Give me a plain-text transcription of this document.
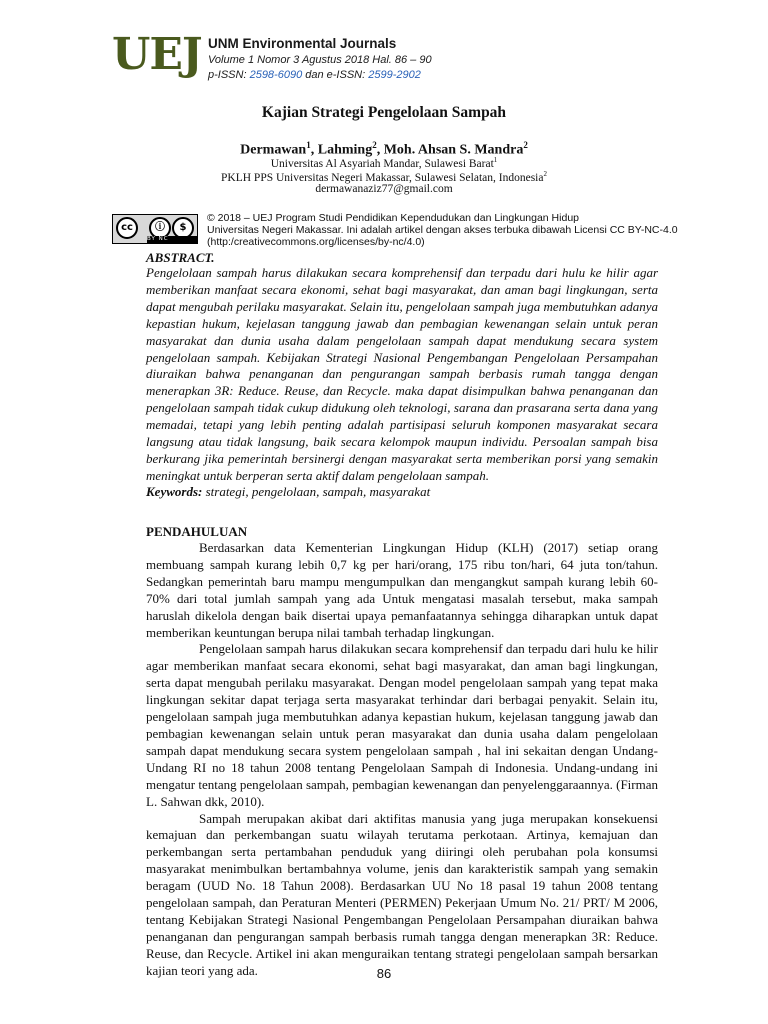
UEJ UNM Environmental Journals
Volume 1 Nomor 3 Agustus 2018 Hal. 86 – 90
p-ISSN: 2598-6090 dan e-ISSN: 2599-2902
Kajian Strategi Pengelolaan Sampah
Dermawan$^1$, Lahming$^2$, Moh. Ahsan S. Mandra$^2$
Universitas Al Asyariah Mandar, Sulawesi Barat$^1$
PKLH PPS Universitas Negeri Makassar, Sulawesi Selatan, Indonesia$^2$
dermawanaziz77@gmail.com
cc	ⓘ	$
BY NC
© 2018 – UEJ Program Studi Pendidikan Kependudukan dan Lingkungan Hidup
Universitas Negeri Makassar. Ini adalah artikel dengan akses terbuka dibawah Licensi CC BY-NC-4.0
(http:/creativecommons.org/licenses/by-nc/4.0)
ABSTRACT.
Pengelolaan sampah harus dilakukan secara komprehensif dan terpadu dari hulu ke hilir agar memberikan manfaat secara ekonomi, sehat bagi masyarakat, dan aman bagi lingkungan, serta dapat mengubah perilaku masyarakat. Selain itu, pengelolaan sampah juga membutuhkan adanya kepastian hukum, kejelasan tanggung jawab dan pembagian kewenangan selain untuk peran masyarakat dan dunia usaha dalam pengelolaan sampah dapat mendukung secara system pengelolaan sampah. Kebijakan Strategi Nasional Pengembangan Pengelolaan Persampahan diuraikan bahwa penanganan dan pengurangan sampah berbasis rumah tangga dengan menerapkan 3R: Reduce. Reuse, dan Recycle. maka dapat disimpulkan bahwa penanganan dan pengelolaan sampah tidak cukup didukung oleh teknologi, sarana dan prasarana serta dana yang memadai, tetapi yang lebih penting adalah partisipasi seluruh komponen masyarakat secara langsung atau tidak langsung, baik secara kelompok maupun individu. Persoalan sampah bisa berkurang jika pemerintah bersinergi dengan masyarakat serta memberikan porsi yang semakin meningkat untuk berperan serta aktif dalam pengelolaan sampah.
Keywords: strategi, pengelolaan, sampah, masyarakat
PENDAHULUAN

Berdasarkan data Kementerian Lingkungan Hidup (KLH) (2017) setiap orang membuang sampah kurang lebih 0,7 kg per hari/orang, 175 ribu ton/hari, 64 juta ton/tahun. Sedangkan pemerintah baru mampu mengumpulkan dan mengangkut sampah kurang lebih 60-70% dari total jumlah sampah yang ada Untuk mengatasi masalah tersebut, maka sampah haruslah dikelola dengan baik disertai upaya pemanfaatannya sehingga diharapkan untuk dapat memberikan keuntungan berupa nilai tambah terhadap lingkungan.

Pengelolaan sampah harus dilakukan secara komprehensif dan terpadu dari hulu ke hilir agar memberikan manfaat secara ekonomi, sehat bagi masyarakat, dan aman bagi lingkungan, serta dapat mengubah perilaku masyarakat. Dengan model pengelolaan sampah yang tepat maka lingkungan sekitar dapat terjaga serta masyarakat terhindar dari berbagai penyakit. Selain itu, pengelolaan sampah juga membutuhkan adanya kepastian hukum, kejelasan tanggung jawab dan pembagian kewenangan selain untuk peran masyarakat dan dunia usaha dalam pengelolaan sampah dapat mendukung secara system pengelolaan sampah , hal ini sekaitan dengan Undang-Undang RI no 18 tahun 2008 tentang Pengelolaan Sampah di Indonesia. Undang-undang ini mengatur tentang pengelolaan sampah, pembagian kewenangan dan penyelenggaraannya. (Firman L. Sahwan dkk, 2010).

Sampah merupakan akibat dari aktifitas manusia yang juga merupakan konsekuensi kemajuan dan perkembangan suatu wilayah terutama perkotaan. Artinya, kemajuan dan perkembangan serta pertambahan penduduk yang diiringi oleh perubahan pola konsumsi masyarakat menimbulkan bertambahnya volume, jenis dan karakteristik sampah yang semakin beragam (UUD No. 18 Tahun 2008). Berdasarkan UU No 18 pasal 19 tahun 2008 tentang pengelolaan sampah, dan Peraturan Menteri (PERMEN) Pekerjaan Umum No. 21/ PRT/ M 2006, tentang Kebijakan Strategi Nasional Pengembangan Pengelolaan Persampahan diuraikan bahwa penanganan dan pengurangan sampah berbasis rumah tangga dengan menerapkan 3R: Reduce. Reuse, dan Recycle. Artikel ini akan menguraikan tentang strategi pengelolaan sampah bersarkan kajian teori yang ada.	86
